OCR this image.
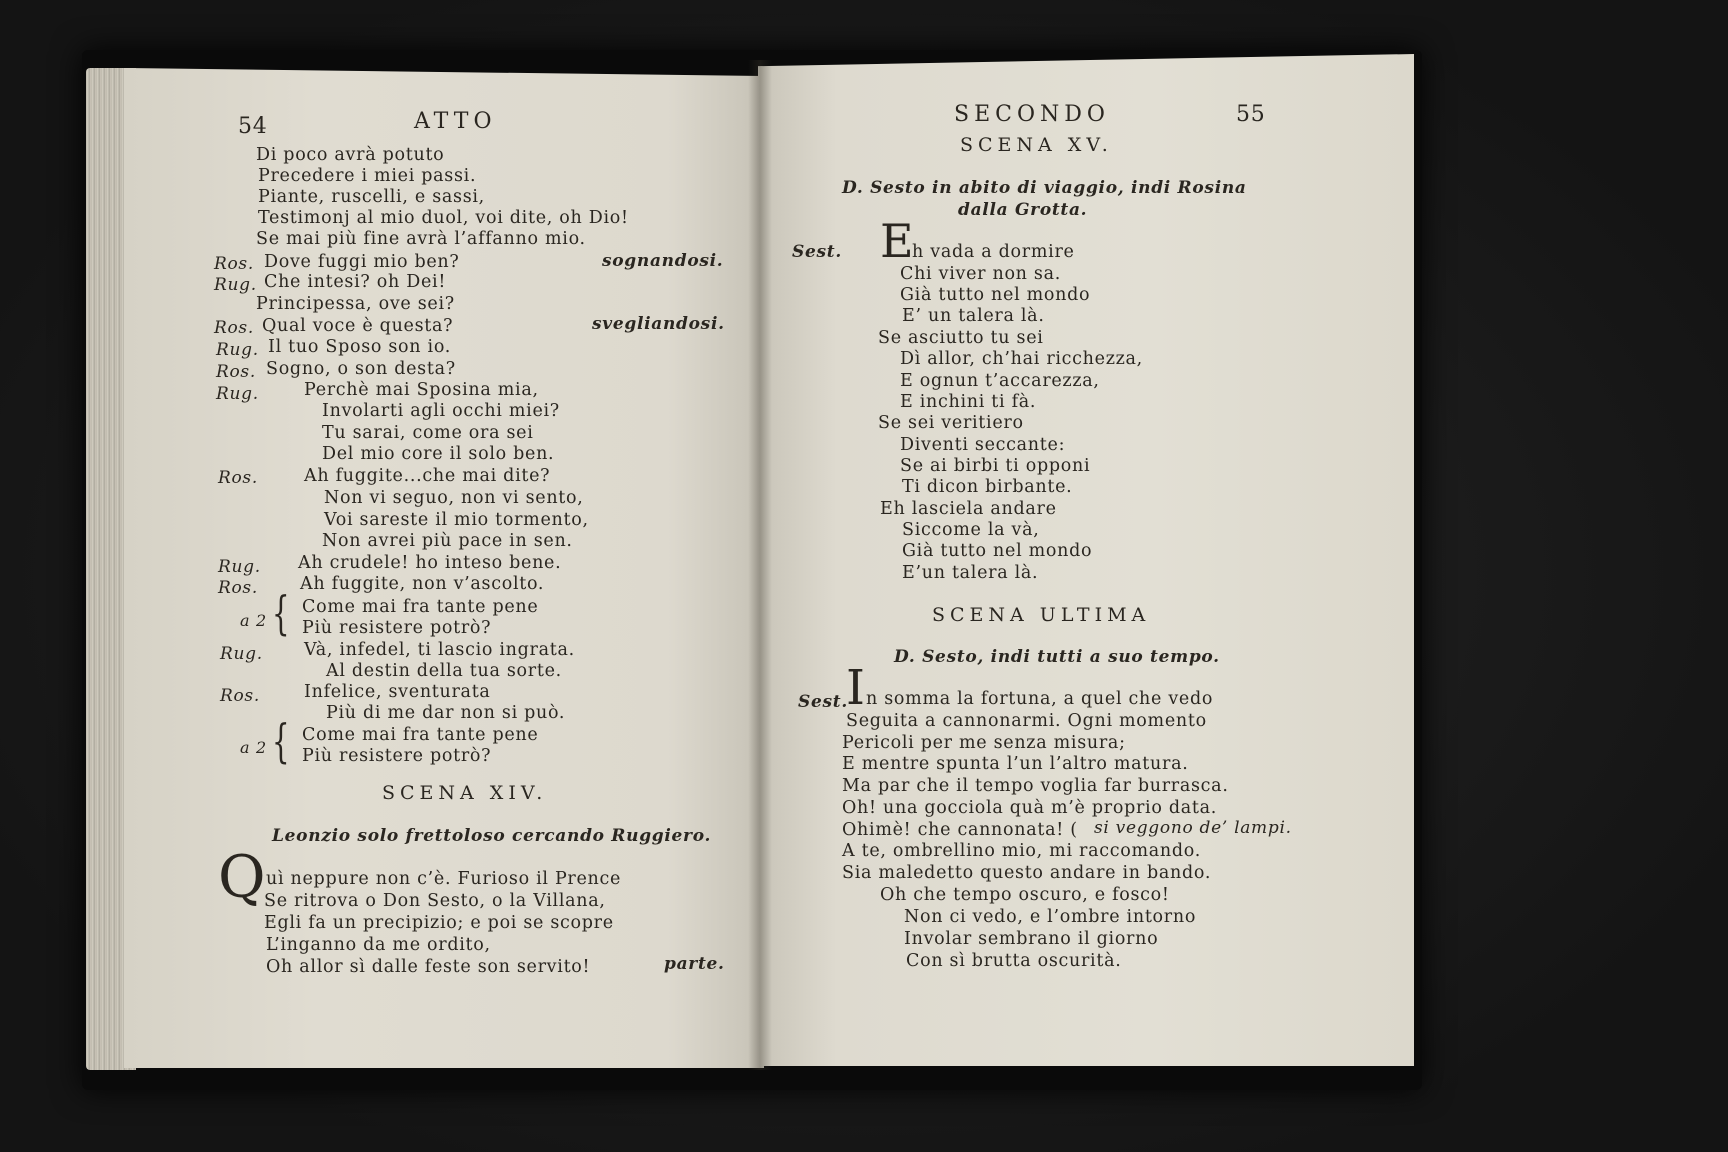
54	ATTO
Di poco avrà potuto
Precedere i miei passi.
Piante, ruscelli, e sassi,
Testimonj al mio duol, voi dite, oh Dio!
Se mai più fine avrà l’affanno mio.
Ros. Dove fuggi mio ben?	sognandosi.
Rug. Che intesi? oh Dei!
Principessa, ove sei?
Ros. Qual voce è questa?	svegliandosi.
Rug. Il tuo Sposo son io.
Ros. Sogno, o son desta?
Rug.	Perchè mai Sposina mia,
Involarti agli occhi miei?
Tu sarai, come ora sei
Del mio core il solo ben.
Ros.	Ah fuggite...che mai dite?
Non vi seguo, non vi sento,
Voi sareste il mio tormento,
Non avrei più pace in sen.
Rug. Ah crudele! ho inteso bene.
Ros. Ah fuggite, non v’ascolto.
a 2 { Come mai fra tante pene
Più resistere potrò?
Rug. Và, infedel, ti lascio ingrata.
Al destin della tua sorte.
Ros.	Infelice, sventurata
Più di me dar non si può.
a 2 { Come mai fra tante pene
Più resistere potrò?
SCENA XIV.
Leonzio solo frettoloso cercando Ruggiero.
Q uì neppure non c’è. Furioso il Prence
Se ritrova o Don Sesto, o la Villana,
Egli fa un precipizio; e poi se scopre
L’inganno da me ordito,
Oh allor sì dalle feste son servito!	parte.
SECONDO	55
SCENA XV.
D. Sesto in abito di viaggio, indi Rosina
dalla Grotta.
Sest. E
h vada a dormire
Chi viver non sa.
Già tutto nel mondo
E’ un talera là.
Se asciutto tu sei
Dì allor, ch’hai ricchezza,
E ognun t’accarezza,
E inchini ti fà.
Se sei veritiero
Diventi seccante:
Se ai birbi ti opponi
Ti dicon birbante.
Eh lasciela andare
Siccome la và,
Già tutto nel mondo
E’un talera là.
SCENA ULTIMA
D. Sesto, indi tutti a suo tempo.
Sest.
I n somma la fortuna, a quel che vedo
Seguita a cannonarmi. Ogni momento
Pericoli per me senza misura;
E mentre spunta l’un l’altro matura.
Ma par che il tempo voglia far burrasca.
Oh! una gocciola quà m’è proprio data.
Ohimè! che cannonata! ( si veggono de’ lampi.
A te, ombrellino mio, mi raccomando.
Sia maledetto questo andare in bando.
Oh che tempo oscuro, e fosco!
Non ci vedo, e l’ombre intorno
Involar sembrano il giorno
Con sì brutta oscurità.
